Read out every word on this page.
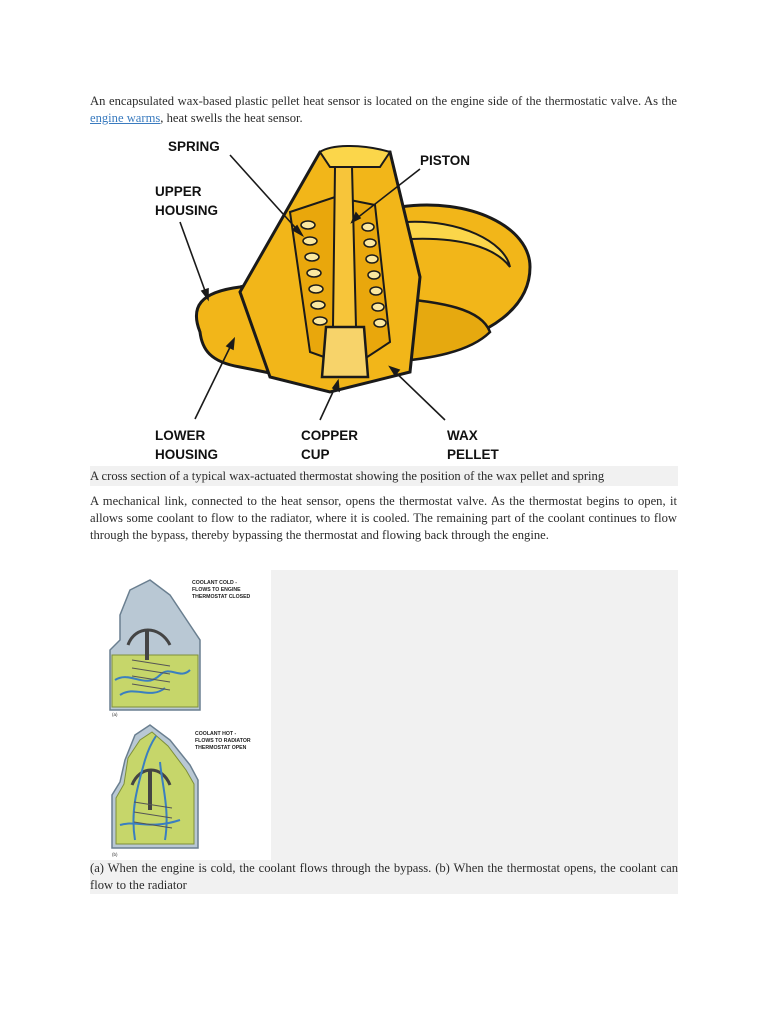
An encapsulated wax-based plastic pellet heat sensor is located on the engine side of the thermostatic valve. As the engine warms, heat swells the heat sensor.

SPRING
PISTON
UPPER
HOUSING
LOWER
HOUSING
COPPER
CUP
WAX
PELLET
A cross section of a typical wax-actuated thermostat showing the position of the wax pellet and spring

A mechanical link, connected to the heat sensor, opens the thermostat valve. As the thermostat begins to open, it allows some coolant to flow to the radiator, where it is cooled. The remaining part of the coolant continues to flow through the bypass, thereby bypassing the thermostat and flowing back through the engine.

COOLANT COLD -
FLOWS TO ENGINE
THERMOSTAT CLOSED
(a)
COOLANT HOT -
FLOWS TO RADIATOR
THERMOSTAT OPEN
(b)

(a) When the engine is cold, the coolant flows through the bypass. (b) When the thermostat opens, the coolant can flow to the radiator
